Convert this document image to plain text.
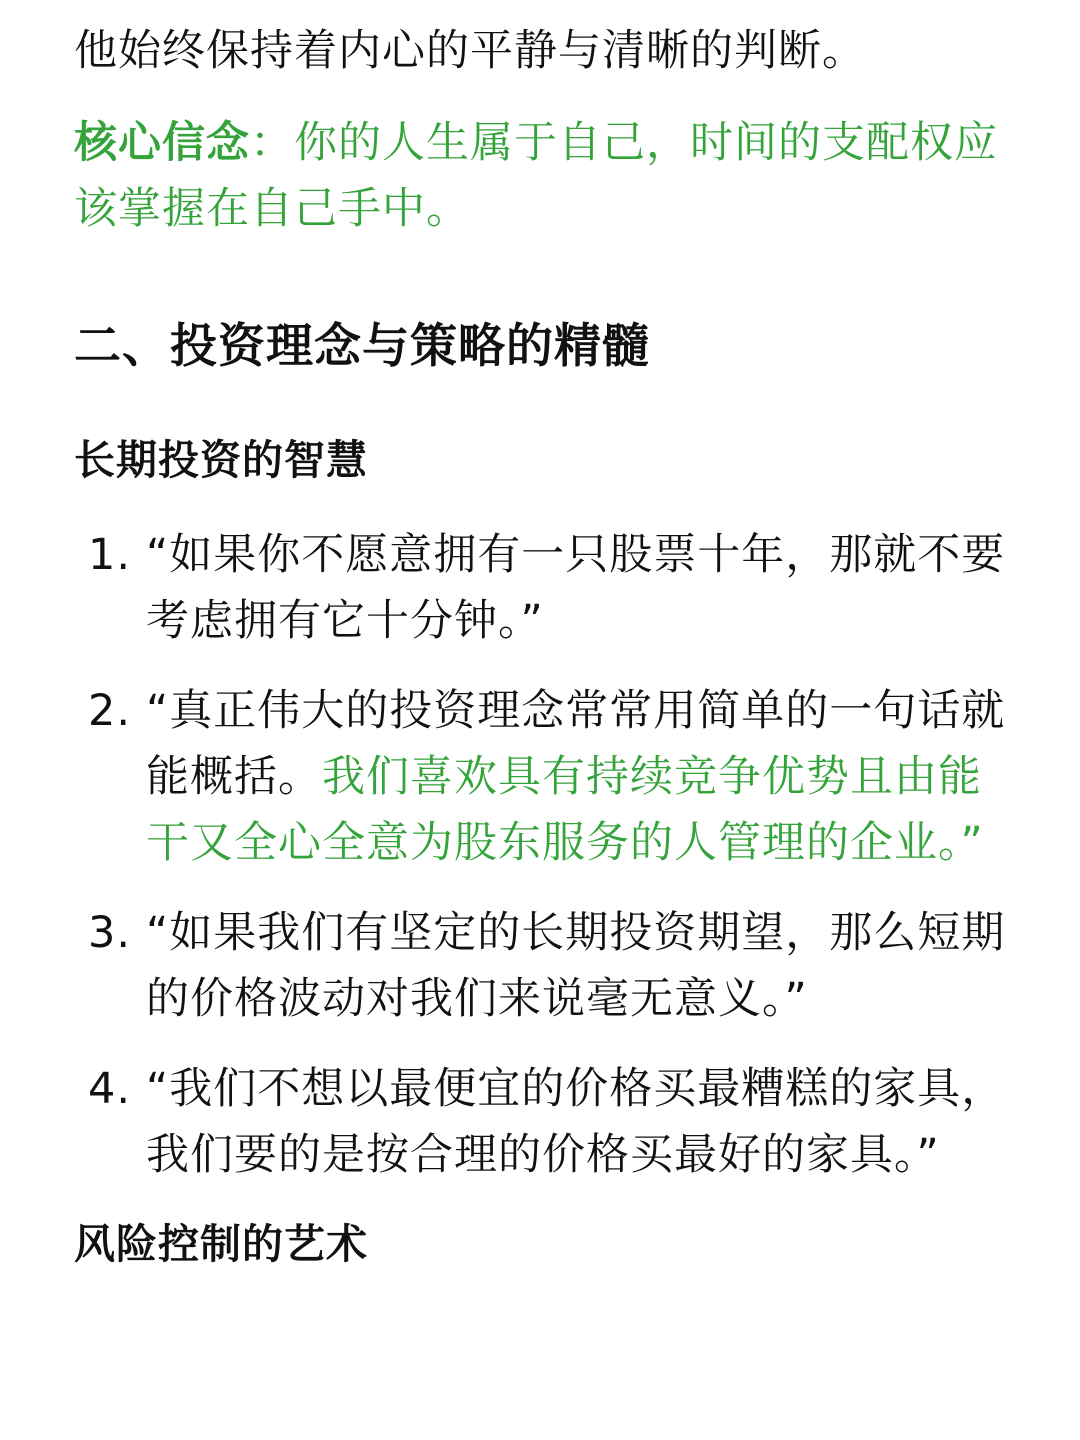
他始终保持着内心的平静与清晰的判断。

核心信念：你的人生属于自己，时间的支配权应该掌握在自己手中。

二、投资理念与策略的精髓
长期投资的智慧
1. “如果你不愿意拥有一只股票十年，那就不要考虑拥有它十分钟。”
2. “真正伟大的投资理念常常用简单的一句话就能概括。我们喜欢具有持续竞争优势且由能干又全心全意为股东服务的人管理的企业。”
3. “如果我们有坚定的长期投资期望，那么短期的价格波动对我们来说毫无意义。”
4. “我们不想以最便宜的价格买最糟糕的家具，我们要的是按合理的价格买最好的家具。”
风险控制的艺术
